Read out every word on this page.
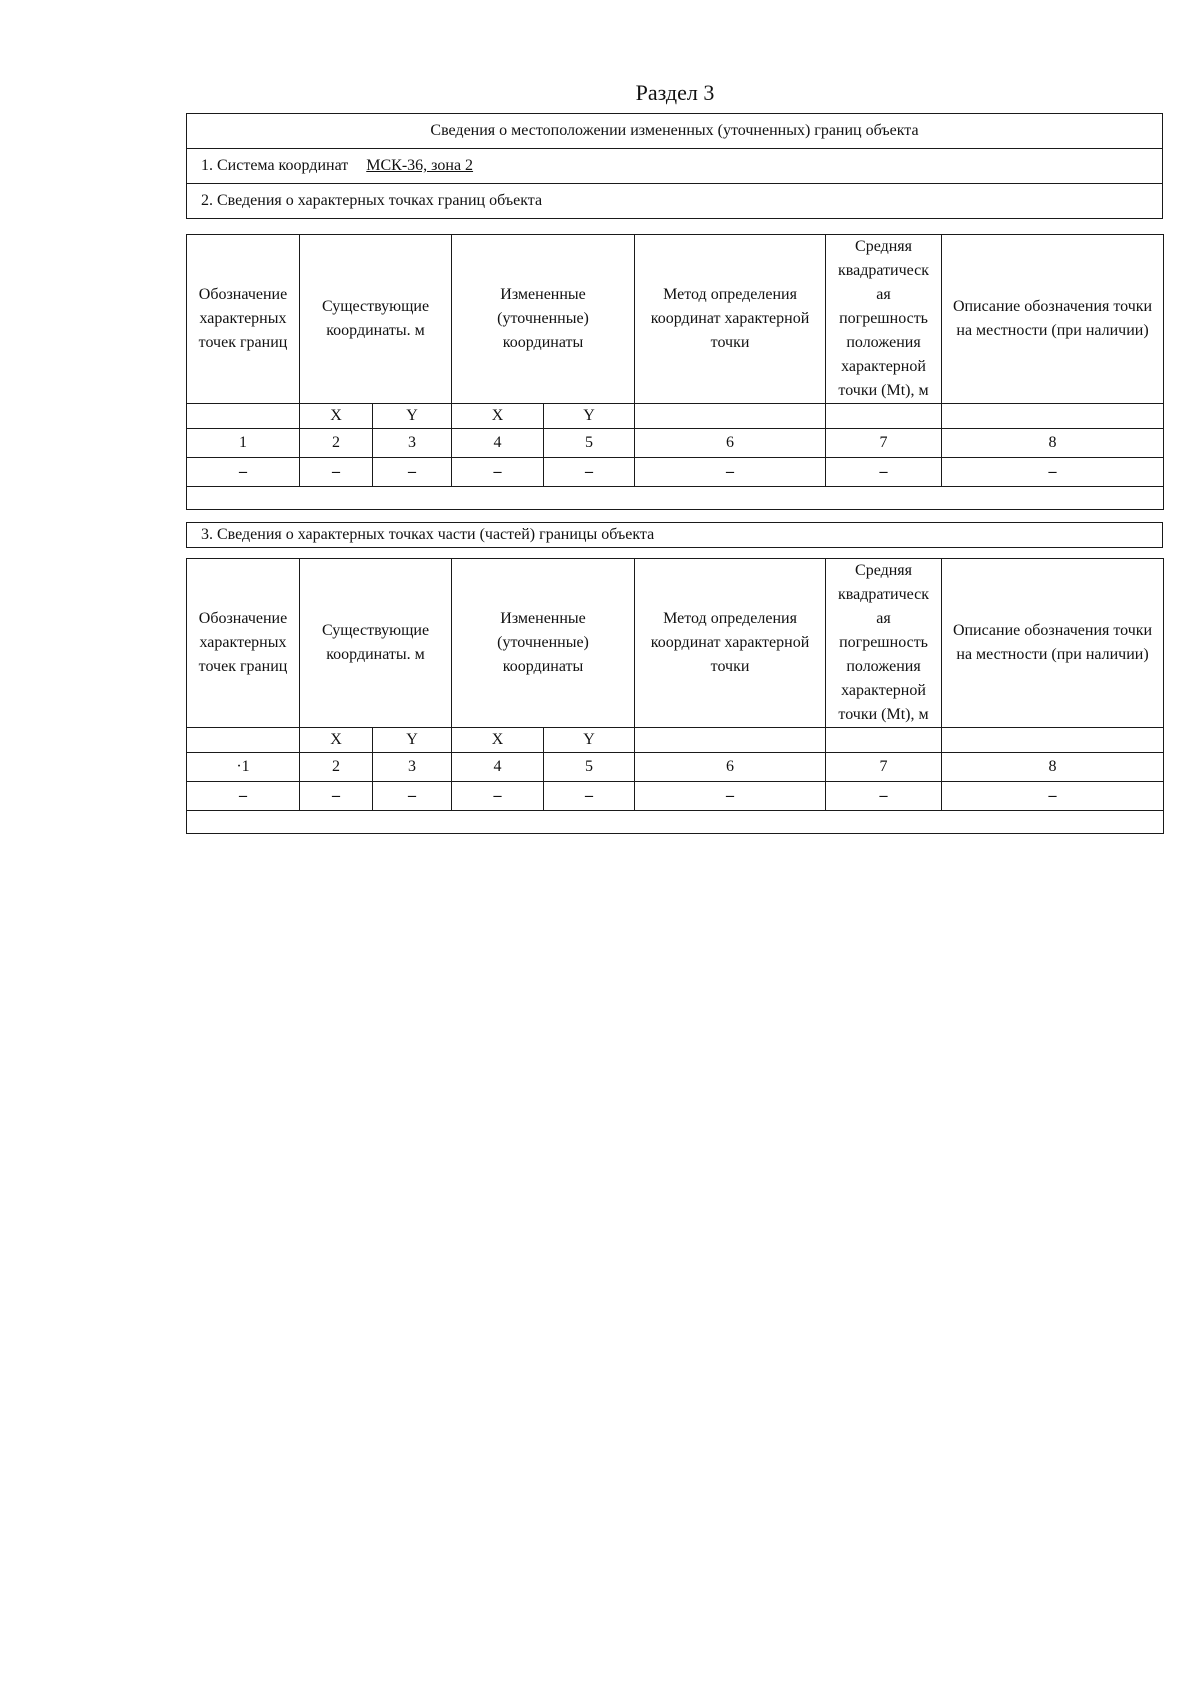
Раздел 3
Сведения о местоположении измененных (уточненных) границ объекта
1. Система координат МСК-36, зона 2
2. Сведения о характерных точках границ объекта
Обозначение характерных точек границ	Существующие координаты. м		Измененные (уточненные) координаты		Метод определения координат характерной точки	Средняя квадратическ ая погрешность положения характерной точки (Mt), м	Описание обозначения точки на местности (при наличии)
	X	Y	X	Y			
1	2	3	4	5	6	7	8
–	–	–	–	–	–	–	–

3. Сведения о характерных точках части (частей) границы объекта
Обозначение характерных точек границ	Существующие координаты. м		Измененные (уточненные) координаты		Метод определения координат характерной точки	Средняя квадратическ ая погрешность положения характерной точки (Mt), м	Описание обозначения точки на местности (при наличии)
	X	Y	X	Y			
·1	2	3	4	5	6	7	8
–	–	–	–	–	–	–	–
